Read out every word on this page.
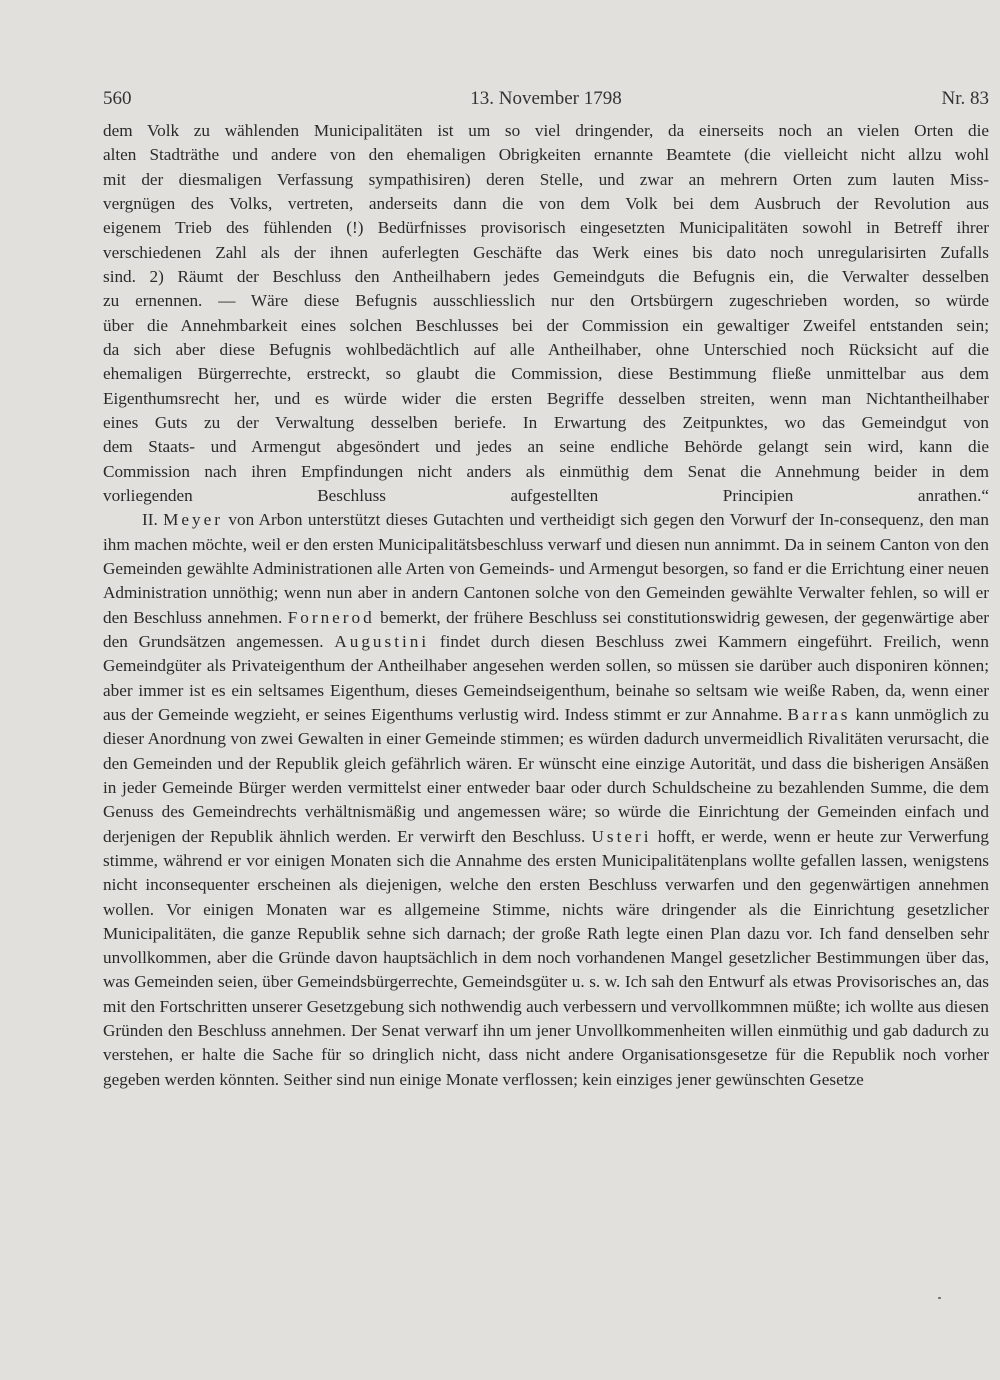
560	13. November 1798	Nr. 83

dem Volk zu wählenden Municipalitäten ist um so viel dringender, da einerseits noch an vielen Orten die
alten Stadträthe und andere von den ehemaligen Obrigkeiten ernannte Beamtete (die vielleicht nicht allzu wohl
mit der diesmaligen Verfassung sympathisiren) deren Stelle, und zwar an mehrern Orten zum lauten Miss-
vergnügen des Volks, vertreten, anderseits dann die von dem Volk bei dem Ausbruch der Revolution aus
eigenem Trieb des fühlenden (!) Bedürfnisses provisorisch eingesetzten Municipalitäten sowohl in Betreff ihrer
verschiedenen Zahl als der ihnen auferlegten Geschäfte das Werk eines bis dato noch unregularisirten Zufalls
sind. 2) Räumt der Beschluss den Antheilhabern jedes Gemeindguts die Befugnis ein, die Verwalter desselben
zu ernennen. — Wäre diese Befugnis ausschliesslich nur den Ortsbürgern zugeschrieben worden, so würde
über die Annehmbarkeit eines solchen Beschlusses bei der Commission ein gewaltiger Zweifel entstanden sein;
da sich aber diese Befugnis wohlbedächtlich auf alle Antheilhaber, ohne Unterschied noch Rücksicht auf die
ehemaligen Bürgerrechte, erstreckt, so glaubt die Commission, diese Bestimmung fließe unmittelbar aus dem
Eigenthumsrecht her, und es würde wider die ersten Begriffe desselben streiten, wenn man Nichtantheilhaber
eines Guts zu der Verwaltung desselben beriefe. In Erwartung des Zeitpunktes, wo das Gemeindgut von
dem Staats- und Armengut abgesöndert und jedes an seine endliche Behörde gelangt sein wird, kann die
Commission nach ihren Empfindungen nicht anders als einmüthig dem Senat die Annehmung beider in dem
vorliegenden Beschluss aufgestellten Principien anrathen.“

II. Meyer von Arbon unterstützt dieses Gutachten und vertheidigt sich gegen den Vorwurf der In-consequenz, den man ihm machen möchte, weil er den ersten Municipalitätsbeschluss verwarf und diesen nun annimmt. Da in seinem Canton von den Gemeinden gewählte Administrationen alle Arten von Gemeinds- und Armengut besorgen, so fand er die Errichtung einer neuen Administration unnöthig; wenn nun aber in andern Cantonen solche von den Gemeinden gewählte Verwalter fehlen, so will er den Beschluss annehmen. Fornerod bemerkt, der frühere Beschluss sei constitutionswidrig gewesen, der gegenwärtige aber den Grundsätzen angemessen. Augustini findet durch diesen Beschluss zwei Kammern eingeführt. Freilich, wenn Gemeindgüter als Privateigenthum der Antheilhaber angesehen werden sollen, so müssen sie darüber auch disponiren können; aber immer ist es ein seltsames Eigenthum, dieses Gemeindseigenthum, beinahe so seltsam wie weiße Raben, da, wenn einer aus der Gemeinde wegzieht, er seines Eigenthums verlustig wird. Indess stimmt er zur Annahme. Barras kann unmöglich zu dieser Anordnung von zwei Gewalten in einer Gemeinde stimmen; es würden dadurch unvermeidlich Rivalitäten verursacht, die den Gemeinden und der Republik gleich gefährlich wären. Er wünscht eine einzige Autorität, und dass die bisherigen Ansäßen in jeder Gemeinde Bürger werden vermittelst einer entweder baar oder durch Schuldscheine zu bezahlenden Summe, die dem Genuss des Gemeindrechts verhältnismäßig und angemessen wäre; so würde die Einrichtung der Gemeinden einfach und derjenigen der Republik ähnlich werden. Er verwirft den Beschluss. Usteri hofft, er werde, wenn er heute zur Verwerfung stimme, während er vor einigen Monaten sich die Annahme des ersten Municipalitätenplans wollte gefallen lassen, wenigstens nicht inconsequenter erscheinen als diejenigen, welche den ersten Beschluss verwarfen und den gegenwärtigen annehmen wollen. Vor einigen Monaten war es allgemeine Stimme, nichts wäre dringender als die Einrichtung gesetzlicher Municipalitäten, die ganze Republik sehne sich darnach; der große Rath legte einen Plan dazu vor. Ich fand denselben sehr unvollkommen, aber die Gründe davon hauptsächlich in dem noch vorhandenen Mangel gesetzlicher Bestimmungen über das, was Gemeinden seien, über Gemeindsbürgerrechte, Gemeindsgüter u. s. w. Ich sah den Entwurf als etwas Provisorisches an, das mit den Fortschritten unserer Gesetzgebung sich nothwendig auch verbessern und vervollkommnen müßte; ich wollte aus diesen Gründen den Beschluss annehmen. Der Senat verwarf ihn um jener Unvollkommenheiten willen einmüthig und gab dadurch zu verstehen, er halte die Sache für so dringlich nicht, dass nicht andere Organisationsgesetze für die Republik noch vorher gegeben werden könnten. Seither sind nun einige Monate verflossen; kein einziges jener gewünschten Gesetze
